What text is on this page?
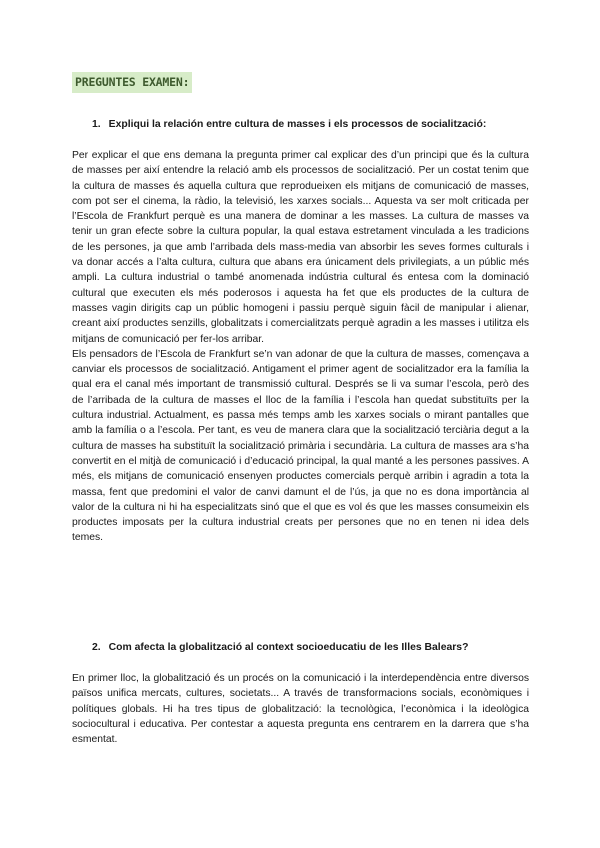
PREGUNTES EXAMEN:
1. Expliqui la relación entre cultura de masses i els processos de socialització:
Per explicar el que ens demana la pregunta primer cal explicar des d’un principi que és la cultura de masses per així entendre la relació amb els processos de socialització. Per un costat tenim que la cultura de masses és aquella cultura que reprodueixen els mitjans de comunicació de masses, com pot ser el cinema, la ràdio, la televisió, les xarxes socials... Aquesta va ser molt criticada per l’Escola de Frankfurt perquè es una manera de dominar a les masses. La cultura de masses va tenir un gran efecte sobre la cultura popular, la qual estava estretament vinculada a les tradicions de les persones, ja que amb l’arribada dels mass-media van absorbir les seves formes culturals i va donar accés a l’alta cultura, cultura que abans era únicament dels privilegiats, a un públic més ampli. La cultura industrial o també anomenada indústria cultural és entesa com la dominació cultural que executen els més poderosos i aquesta ha fet que els productes de la cultura de masses vagin dirigits cap un públic homogeni i passiu perquè siguin fàcil de manipular i alienar, creant així productes senzills, globalitzats i comercialitzats perquè agradin a les masses i utilitza els mitjans de comunicació per fer-los arribar.
Els pensadors de l’Escola de Frankfurt se’n van adonar de que la cultura de masses, començava a canviar els processos de socialització. Antigament el primer agent de socialitzador era la família la qual era el canal més important de transmissió cultural. Després se li va sumar l’escola, però des de l’arribada de la cultura de masses el lloc de la família i l’escola han quedat substituïts per la cultura industrial. Actualment, es passa més temps amb les xarxes socials o mirant pantalles que amb la família o a l’escola. Per tant, es veu de manera clara que la socialització terciària degut a la cultura de masses ha substituït la socialització primària i secundària. La cultura de masses ara s’ha convertit en el mitjà de comunicació i d’educació principal, la qual manté a les persones passives. A més, els mitjans de comunicació ensenyen productes comercials perquè arribin i agradin a tota la massa, fent que predomini el valor de canvi damunt el de l’ús, ja que no es dona importància al valor de la cultura ni hi ha especialitzats sinó que el que es vol és que les masses consumeixin els productes imposats per la cultura industrial creats per persones que no en tenen ni idea dels temes.
2. Com afecta la globalització al context socioeducatiu de les Illes Balears?
En primer lloc, la globalització és un procés on la comunicació i la interdependència entre diversos països unifica mercats, cultures, societats... A través de transformacions socials, econòmiques i polítiques globals. Hi ha tres tipus de globalització: la tecnològica, l’econòmica i la ideològica sociocultural i educativa. Per contestar a aquesta pregunta ens centrarem en la darrera que s’ha esmentat.
